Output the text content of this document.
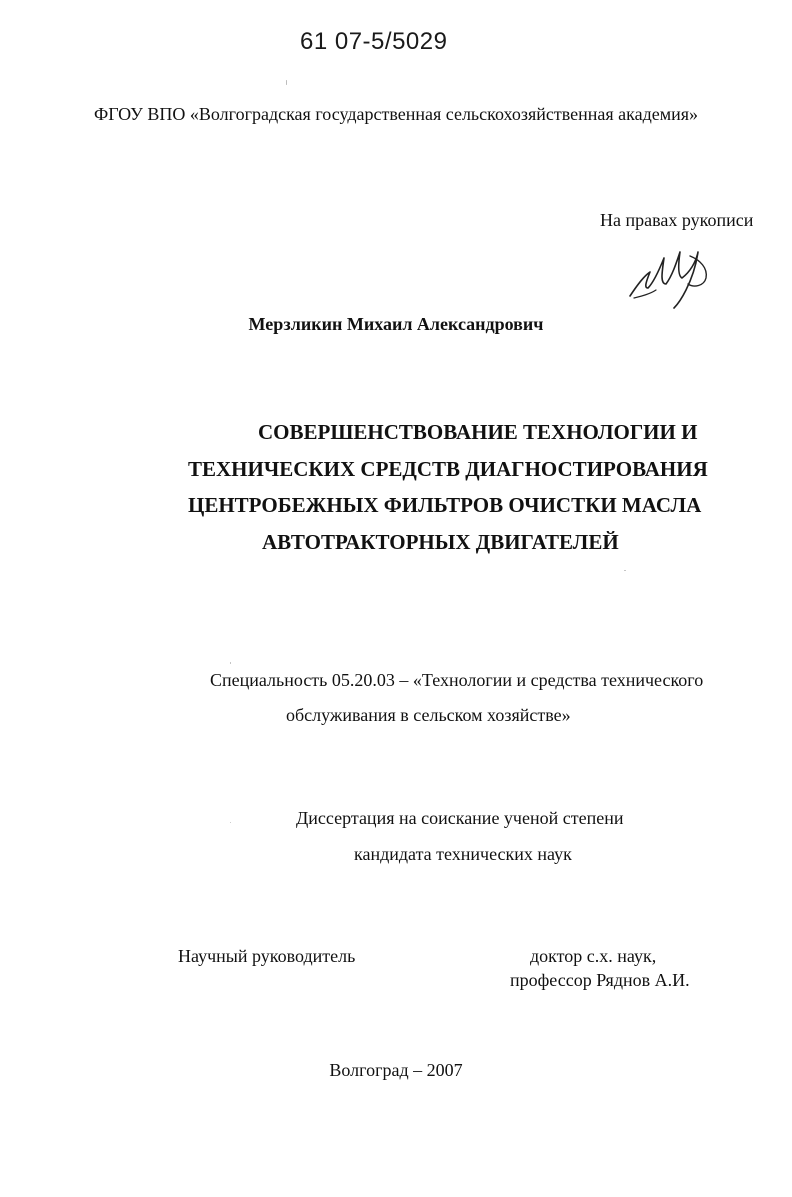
61 07-5/5029
ФГОУ ВПО «Волгоградская государственная сельскохозяйственная академия»
На правах рукописи
Мерзликин Михаил Александрович
СОВЕРШЕНСТВОВАНИЕ ТЕХНОЛОГИИ И
ТЕХНИЧЕСКИХ СРЕДСТВ ДИАГНОСТИРОВАНИЯ
ЦЕНТРОБЕЖНЫХ ФИЛЬТРОВ ОЧИСТКИ МАСЛА
АВТОТРАКТОРНЫХ ДВИГАТЕЛЕЙ
Специальность 05.20.03 – «Технологии и средства технического
обслуживания в сельском хозяйстве»
Диссертация на соискание ученой степени
кандидата технических наук
Научный руководитель	доктор с.х. наук,
профессор Ряднов А.И.
Волгоград – 2007
